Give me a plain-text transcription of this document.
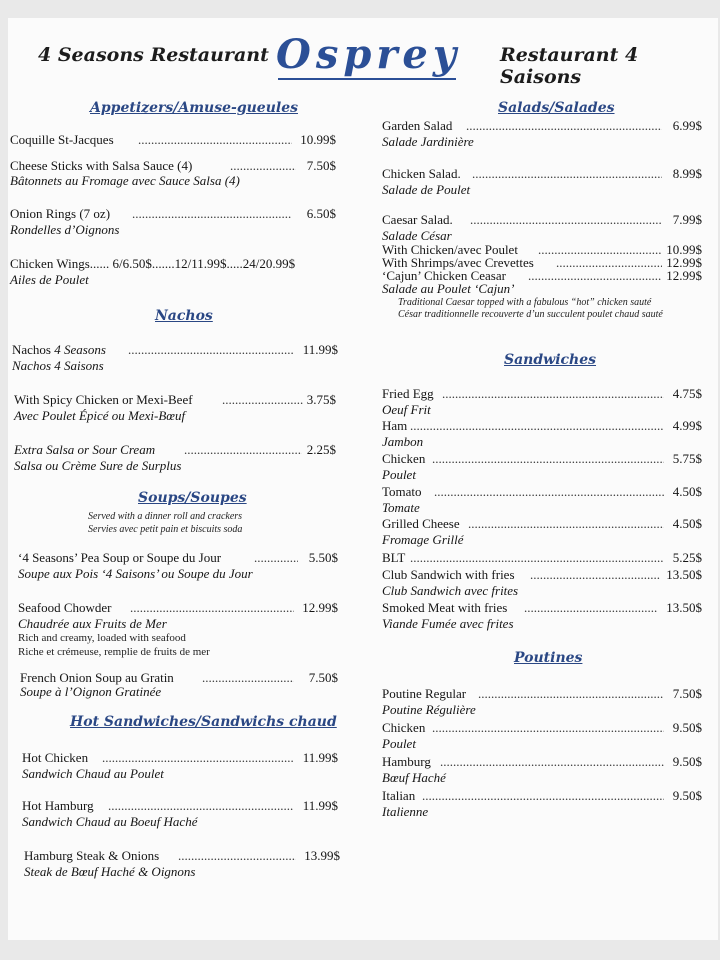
4 Seasons Restaurant Osprey Restaurant 4 Saisons
Appetizers/Amuse-gueules
Coquille St-Jacques .....	10.99$
Cheese Sticks with Salsa Sauce (4) .....	7.50$
Bâtonnets au Fromage avec Sauce Salsa (4)
Onion Rings (7 oz) .....	6.50$
Rondelles d’Oignons
Chicken Wings...... 6/6.50$.......12/11.99$.....24/20.99$
Ailes de Poulet
Nachos
Nachos 4 Seasons .....	11.99$
Nachos 4 Saisons
With Spicy Chicken or Mexi-Beef .....	3.75$
Avec Poulet Épicé ou Mexi-Bœuf
Extra Salsa or Sour Cream .....	2.25$
Salsa ou Crème Sure de Surplus
Soups/Soupes
Served with a dinner roll and crackers
Servies avec petit pain et biscuits soda
‘4 Seasons’ Pea Soup or Soupe du Jour .....	5.50$
Soupe aux Pois ‘4 Saisons’ ou Soupe du Jour
Seafood Chowder .....	12.99$
Chaudrée aux Fruits de Mer
Rich and creamy, loaded with seafood
Riche et crémeuse, remplie de fruits de mer
French Onion Soup au Gratin .....	7.50$
Soupe à l’Oignon Gratinée
Hot Sandwiches/Sandwichs chaud
Hot Chicken .....	11.99$
Sandwich Chaud au Poulet
Hot Hamburg .....	11.99$
Sandwich Chaud au Boeuf Haché
Hamburg Steak & Onions .....	13.99$
Steak de Bœuf Haché & Oignons
Salads/Salades
Garden Salad .....	6.99$
Salade Jardinière
Chicken Salad. .....	8.99$
Salade de Poulet
Caesar Salad. .....	7.99$
Salade César
With Chicken/avec Poulet .....	10.99$
With Shrimps/avec Crevettes .....	12.99$
‘Cajun’ Chicken Ceasar .....	12.99$
Salade au Poulet ‘Cajun’
Traditional Caesar topped with a fabulous “hot” chicken sauté
César traditionnelle recouverte d’un succulent poulet chaud sauté
Sandwiches
Fried Egg .....	4.75$
Oeuf Frit
Ham .....	4.99$
Jambon
Chicken .....	5.75$
Poulet
Tomato .....	4.50$
Tomate
Grilled Cheese .....	4.50$
Fromage Grillé
BLT .....	5.25$
Club Sandwich with fries .....	13.50$
Club Sandwich avec frites
Smoked Meat with fries .....	13.50$
Viande Fumée avec frites
Poutines
Poutine Regular .....	7.50$
Poutine Régulière
Chicken .....	9.50$
Poulet
Hamburg .....	9.50$
Bœuf Haché
Italian .....	9.50$
Italienne
